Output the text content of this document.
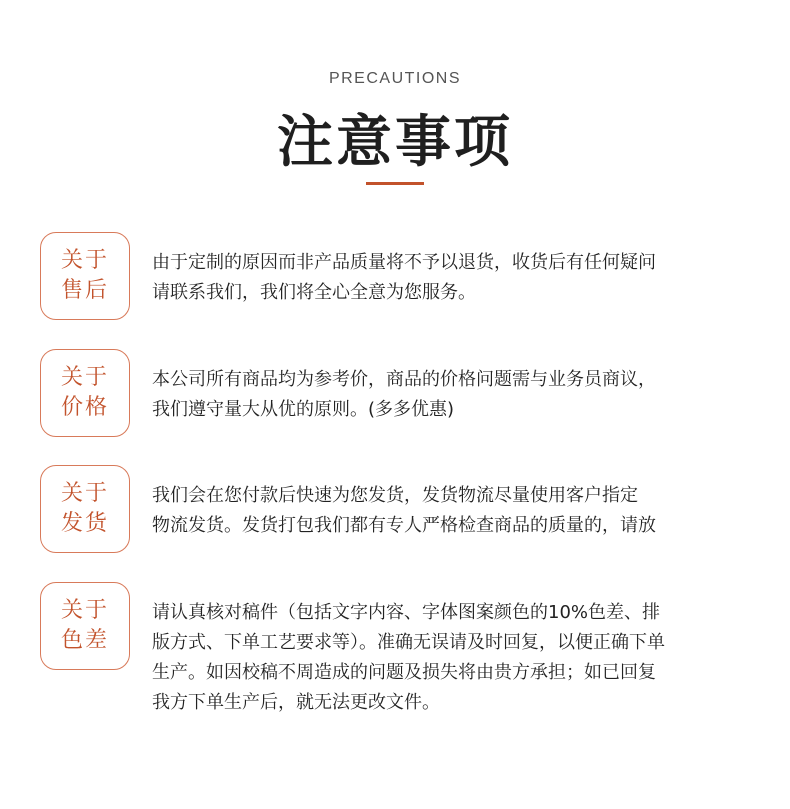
PRECAUTIONS
注意事项
关于
售后
由于定制的原因而非产品质量将不予以退货，收货后有任何疑问
请联系我们，我们将全心全意为您服务。
关于
价格
本公司所有商品均为参考价，商品的价格问题需与业务员商议，
我们遵守量大从优的原则。(多多优惠)
关于
发货
我们会在您付款后快速为您发货，发货物流尽量使用客户指定
物流发货。发货打包我们都有专人严格检查商品的质量的，请放
关于
色差
请认真核对稿件（包括文字内容、字体图案颜色的10%色差、排
版方式、下单工艺要求等）。准确无误请及时回复，以便正确下单
生产。如因校稿不周造成的问题及损失将由贵方承担；如已回复
我方下单生产后，就无法更改文件。
